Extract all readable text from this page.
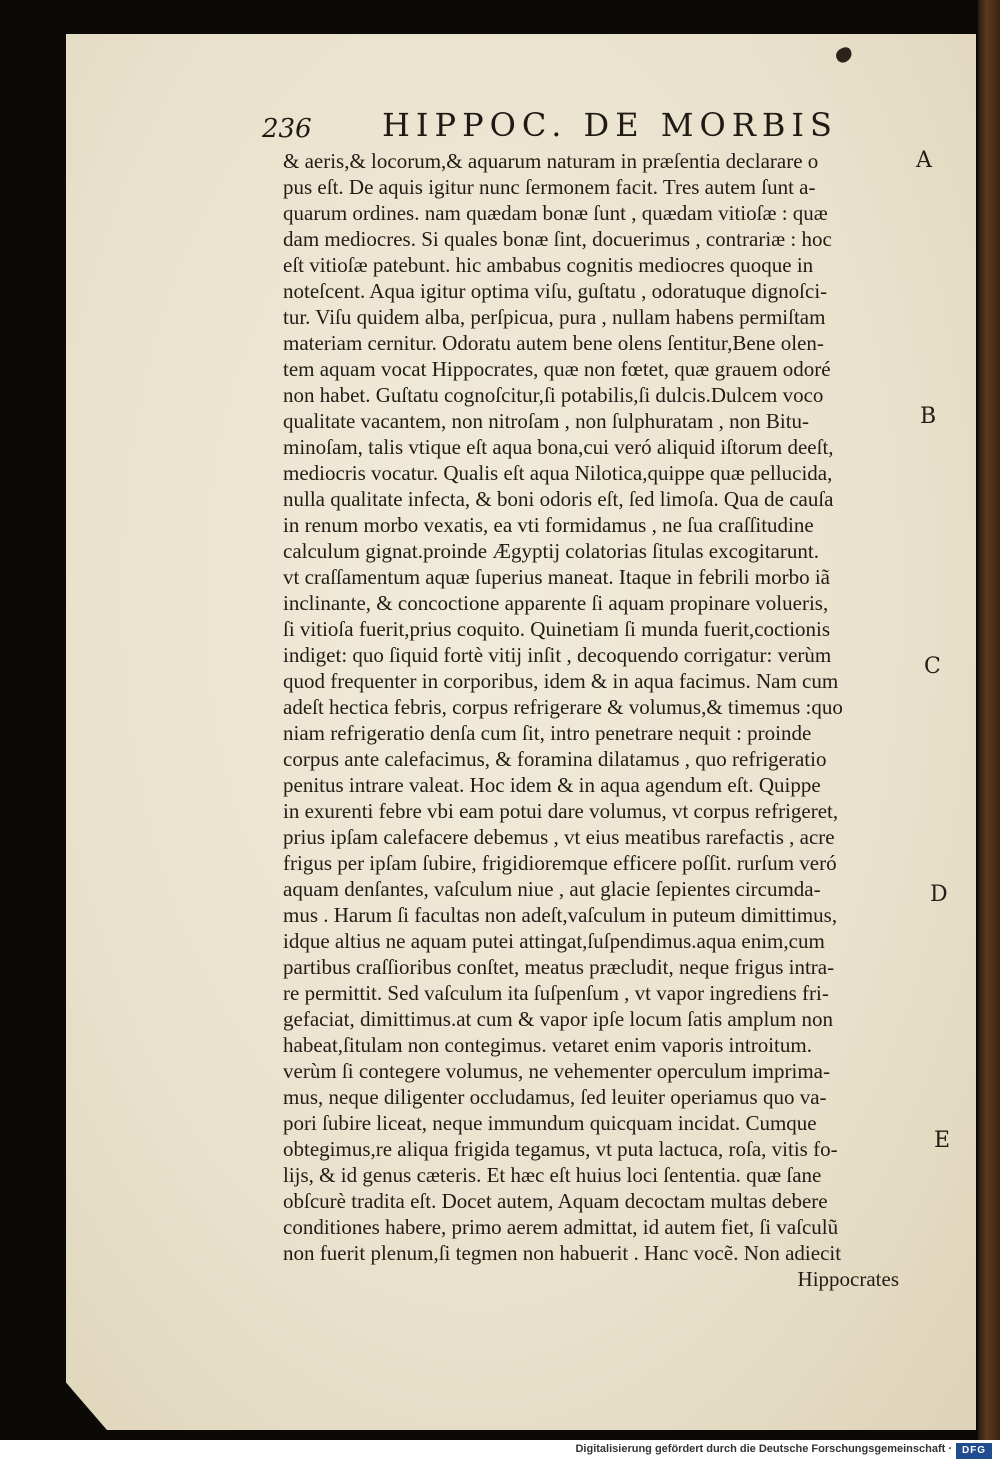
236 HIPPOC. DE MORBIS
& aeris,& locorum,& aquarum naturam in præſentia declarare o
pus eſt. De aquis igitur nunc ſermonem facit. Tres autem ſunt a-
quarum ordines. nam quædam bonæ ſunt , quædam vitioſæ : quæ
dam mediocres. Si quales bonæ ſint, docuerimus , contrariæ : hoc
eſt vitioſæ patebunt. hic ambabus cognitis mediocres quoque in
noteſcent. Aqua igitur optima viſu, guſtatu , odoratuque dignoſci-
tur. Viſu quidem alba, perſpicua, pura , nullam habens permiſtam
materiam cernitur. Odoratu autem bene olens ſentitur,Bene olen-
tem aquam vocat Hippocrates, quæ non fœtet, quæ grauem odoré
non habet. Guſtatu cognoſcitur,ſi potabilis,ſi dulcis.Dulcem voco
qualitate vacantem, non nitroſam , non ſulphuratam , non Bitu-
minoſam, talis vtique eſt aqua bona,cui veró aliquid iſtorum deeſt,
mediocris vocatur. Qualis eſt aqua Nilotica,quippe quæ pellucida,
nulla qualitate infecta, & boni odoris eſt, ſed limoſa. Qua de cauſa
in renum morbo vexatis, ea vti formidamus , ne ſua craſſitudine
calculum gignat.proinde Ægyptij colatorias ſitulas excogitarunt.
vt craſſamentum aquæ ſuperius maneat. Itaque in febrili morbo iã
inclinante, & concoctione apparente ſi aquam propinare volueris,
ſi vitioſa fuerit,prius coquito. Quinetiam ſi munda fuerit,coctionis
indiget: quo ſiquid fortè vitij inſit , decoquendo corrigatur: verùm
quod frequenter in corporibus, idem & in aqua facimus. Nam cum
adeſt hectica febris, corpus refrigerare & volumus,& timemus :quo
niam refrigeratio denſa cum ſit, intro penetrare nequit : proinde
corpus ante calefacimus, & foramina dilatamus , quo refrigeratio
penitus intrare valeat. Hoc idem & in aqua agendum eſt. Quippe
in exurenti febre vbi eam potui dare volumus, vt corpus refrigeret,
prius ipſam calefacere debemus , vt eius meatibus rarefactis , acre
frigus per ipſam ſubire, frigidioremque efficere poſſit. rurſum veró
aquam denſantes, vaſculum niue , aut glacie ſepientes circumda-
mus . Harum ſi facultas non adeſt,vaſculum in puteum dimittimus,
idque altius ne aquam putei attingat,ſuſpendimus.aqua enim,cum
partibus craſſioribus conſtet, meatus præcludit, neque frigus intra-
re permittit. Sed vaſculum ita ſuſpenſum , vt vapor ingrediens fri-
gefaciat, dimittimus.at cum & vapor ipſe locum ſatis amplum non
habeat,ſitulam non contegimus. vetaret enim vaporis introitum.
verùm ſi contegere volumus, ne vehementer operculum imprima-
mus, neque diligenter occludamus, ſed leuiter operiamus quo va-
pori ſubire liceat, neque immundum quicquam incidat. Cumque
obtegimus,re aliqua frigida tegamus, vt puta lactuca, roſa, vitis fo-
lijs, & id genus cæteris. Et hæc eſt huius loci ſententia. quæ ſane
obſcurè tradita eſt. Docet autem, Aquam decoctam multas debere
conditiones habere, primo aerem admittat, id autem fiet, ſi vaſculũ
non fuerit plenum,ſi tegmen non habuerit . Hanc vocẽ. Non adiecit
Hippocrates
A
B
C
D
E
Digitalisierung gefördert durch die Deutsche Forschungsgemeinschaft · DFG
